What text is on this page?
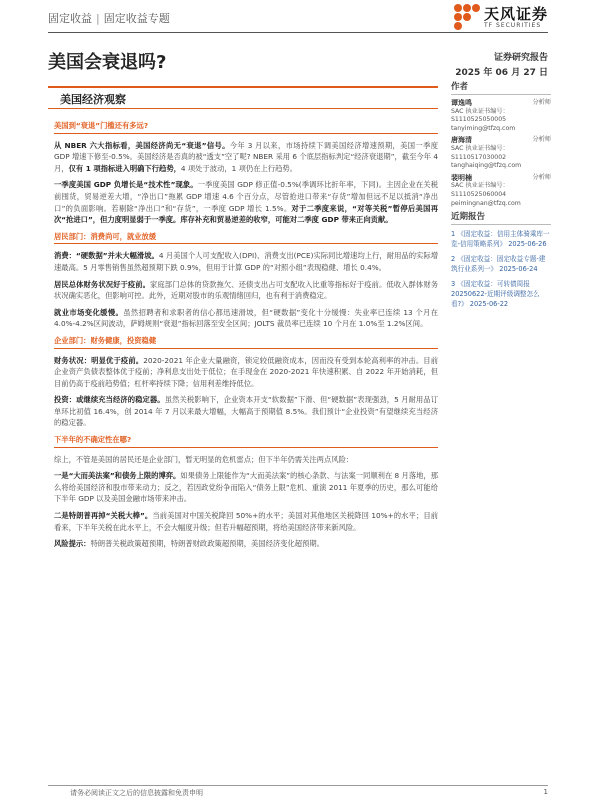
固定收益 | 固定收益专题	天风证券
TF SECURITIES
美国会衰退吗?	证券研究报告
2025 年 06 月 27 日
美国经济观察
美国到“衰退”门槛还有多远?

从 NBER 六大指标看，美国经济尚无“衰退”信号。今年 3 月以来，市场持续下调美国经济增速预期，美国一季度 GDP 增速下修至-0.5%。美国经济是否真的被“透支”空了呢? NBER 采用 6 个底层指标判定“经济衰退期”，截至今年 4 月，仅有 1 项指标进入明确下行趋势，4 项处于波动，1 项仍在上行趋势。

一季度美国 GDP 负增长是“技术性”现象。一季度美国 GDP 修正值-0.5%(季调环比折年率，下同)。主因企业在关税前囤货，贸易逆差大增，“净出口”拖累 GDP 增速 4.6 个百分点，尽管抢进口带来“存货”增加但远不足以抵消“净出口”的负面影响。若剔除“净出口”和“存货”，一季度 GDP 增长 1.5%。对于二季度来说，“对等关税”暂停后美国再次“抢进口”，但力度明显弱于一季度。库存补充和贸易逆差的收窄，可能对二季度 GDP 带来正向贡献。

居民部门：消费尚可，就业放缓

消费：“硬数据”并未大幅滑坡。4 月美国个人可支配收入(DPI)、消费支出(PCE)实际同比增速均上行，耐用品的实际增速最高。5 月零售销售虽然超预期下跌 0.9%，但用于计算 GDP 的“对照小组”表现稳健、增长 0.4%。

居民总体财务状况好于疫前。家庭部门总体的贷款拖欠、还债支出占可支配收入比重等指标好于疫前。低收入群体财务状况确实恶化，但影响可控。此外，近期对股市的乐观情绪回归，也有利于消费稳定。

就业市场变化缓慢。虽然招聘者和求职者的信心都迅速滑坡，但“硬数据”变化十分缓慢：失业率已连续 13 个月在 4.0%-4.2%区间波动，萨姆规则“衰退”指标回落至安全区间；JOLTS 裁员率已连续 10 个月在 1.0%至 1.2%区间。

企业部门：财务健康，投资稳健

财务状况：明显优于疫前。2020-2021 年企业大量融资，锁定较低融资成本，因而没有受到本轮高利率的冲击。目前企业资产负债表整体优于疫前；净利息支出处于低位；在手现金在 2020-2021 年快速积累、自 2022 年开始消耗，但目前仍高于疫前趋势值；杠杆率持续下降；信用利差维持低位。

投资：或继续充当经济的稳定器。虽然关税影响下，企业资本开支“软数据”下滑、但“硬数据”表现强劲，5 月耐用品订单环比初值 16.4%，创 2014 年 7 月以来最大增幅，大幅高于预期值 8.5%。我们预计“企业投资”有望继续充当经济的稳定器。

下半年的不确定性在哪?

综上，不管是美国的居民还是企业部门，暂无明显的危机雷点；但下半年仍需关注两点风险：

一是“大而美法案”和债务上限的博弈。如果债务上限能作为“大而美法案”的核心条款、与法案一同顺利在 8 月落地，那么将给美国经济和股市带来动力；反之，若因政党纷争而陷入“债务上限”危机、重演 2011 年夏季的历史，那么可能给下半年 GDP 以及美国金融市场带来冲击。

二是特朗普再掉“关税大棒”。当前美国对中国关税降回 50%+的水平；美国对其他地区关税降回 10%+的水平；目前看来，下半年关税在此水平上，不会大幅度升级；但若升幅超预期，将给美国经济带来新风险。

风险提示：特朗普关税政策超预期，特朗普财政政策超预期，美国经济变化超预期。

作者
谭逸鸣	分析师
SAC 执业证书编号：S1110525050005
tanyiming@tfzq.com
唐海清	分析师
SAC 执业证书编号：S1110517030002
tanghaiqing@tfzq.com
裴明楠	分析师
SAC 执业证书编号：S1110525060004
peimingnan@tfzq.com
近期报告
1 《固定收益：信用主体骑乘库一览-信用策略系列》 2025-06-26
2 《固定收益：固定收益专题-建筑行业系列一》 2025-06-24
3 《固定收益：可转债周报 20250622-近期评级调整怎么看?》 2025-06-22
请务必阅读正文之后的信息披露和免责申明	1
